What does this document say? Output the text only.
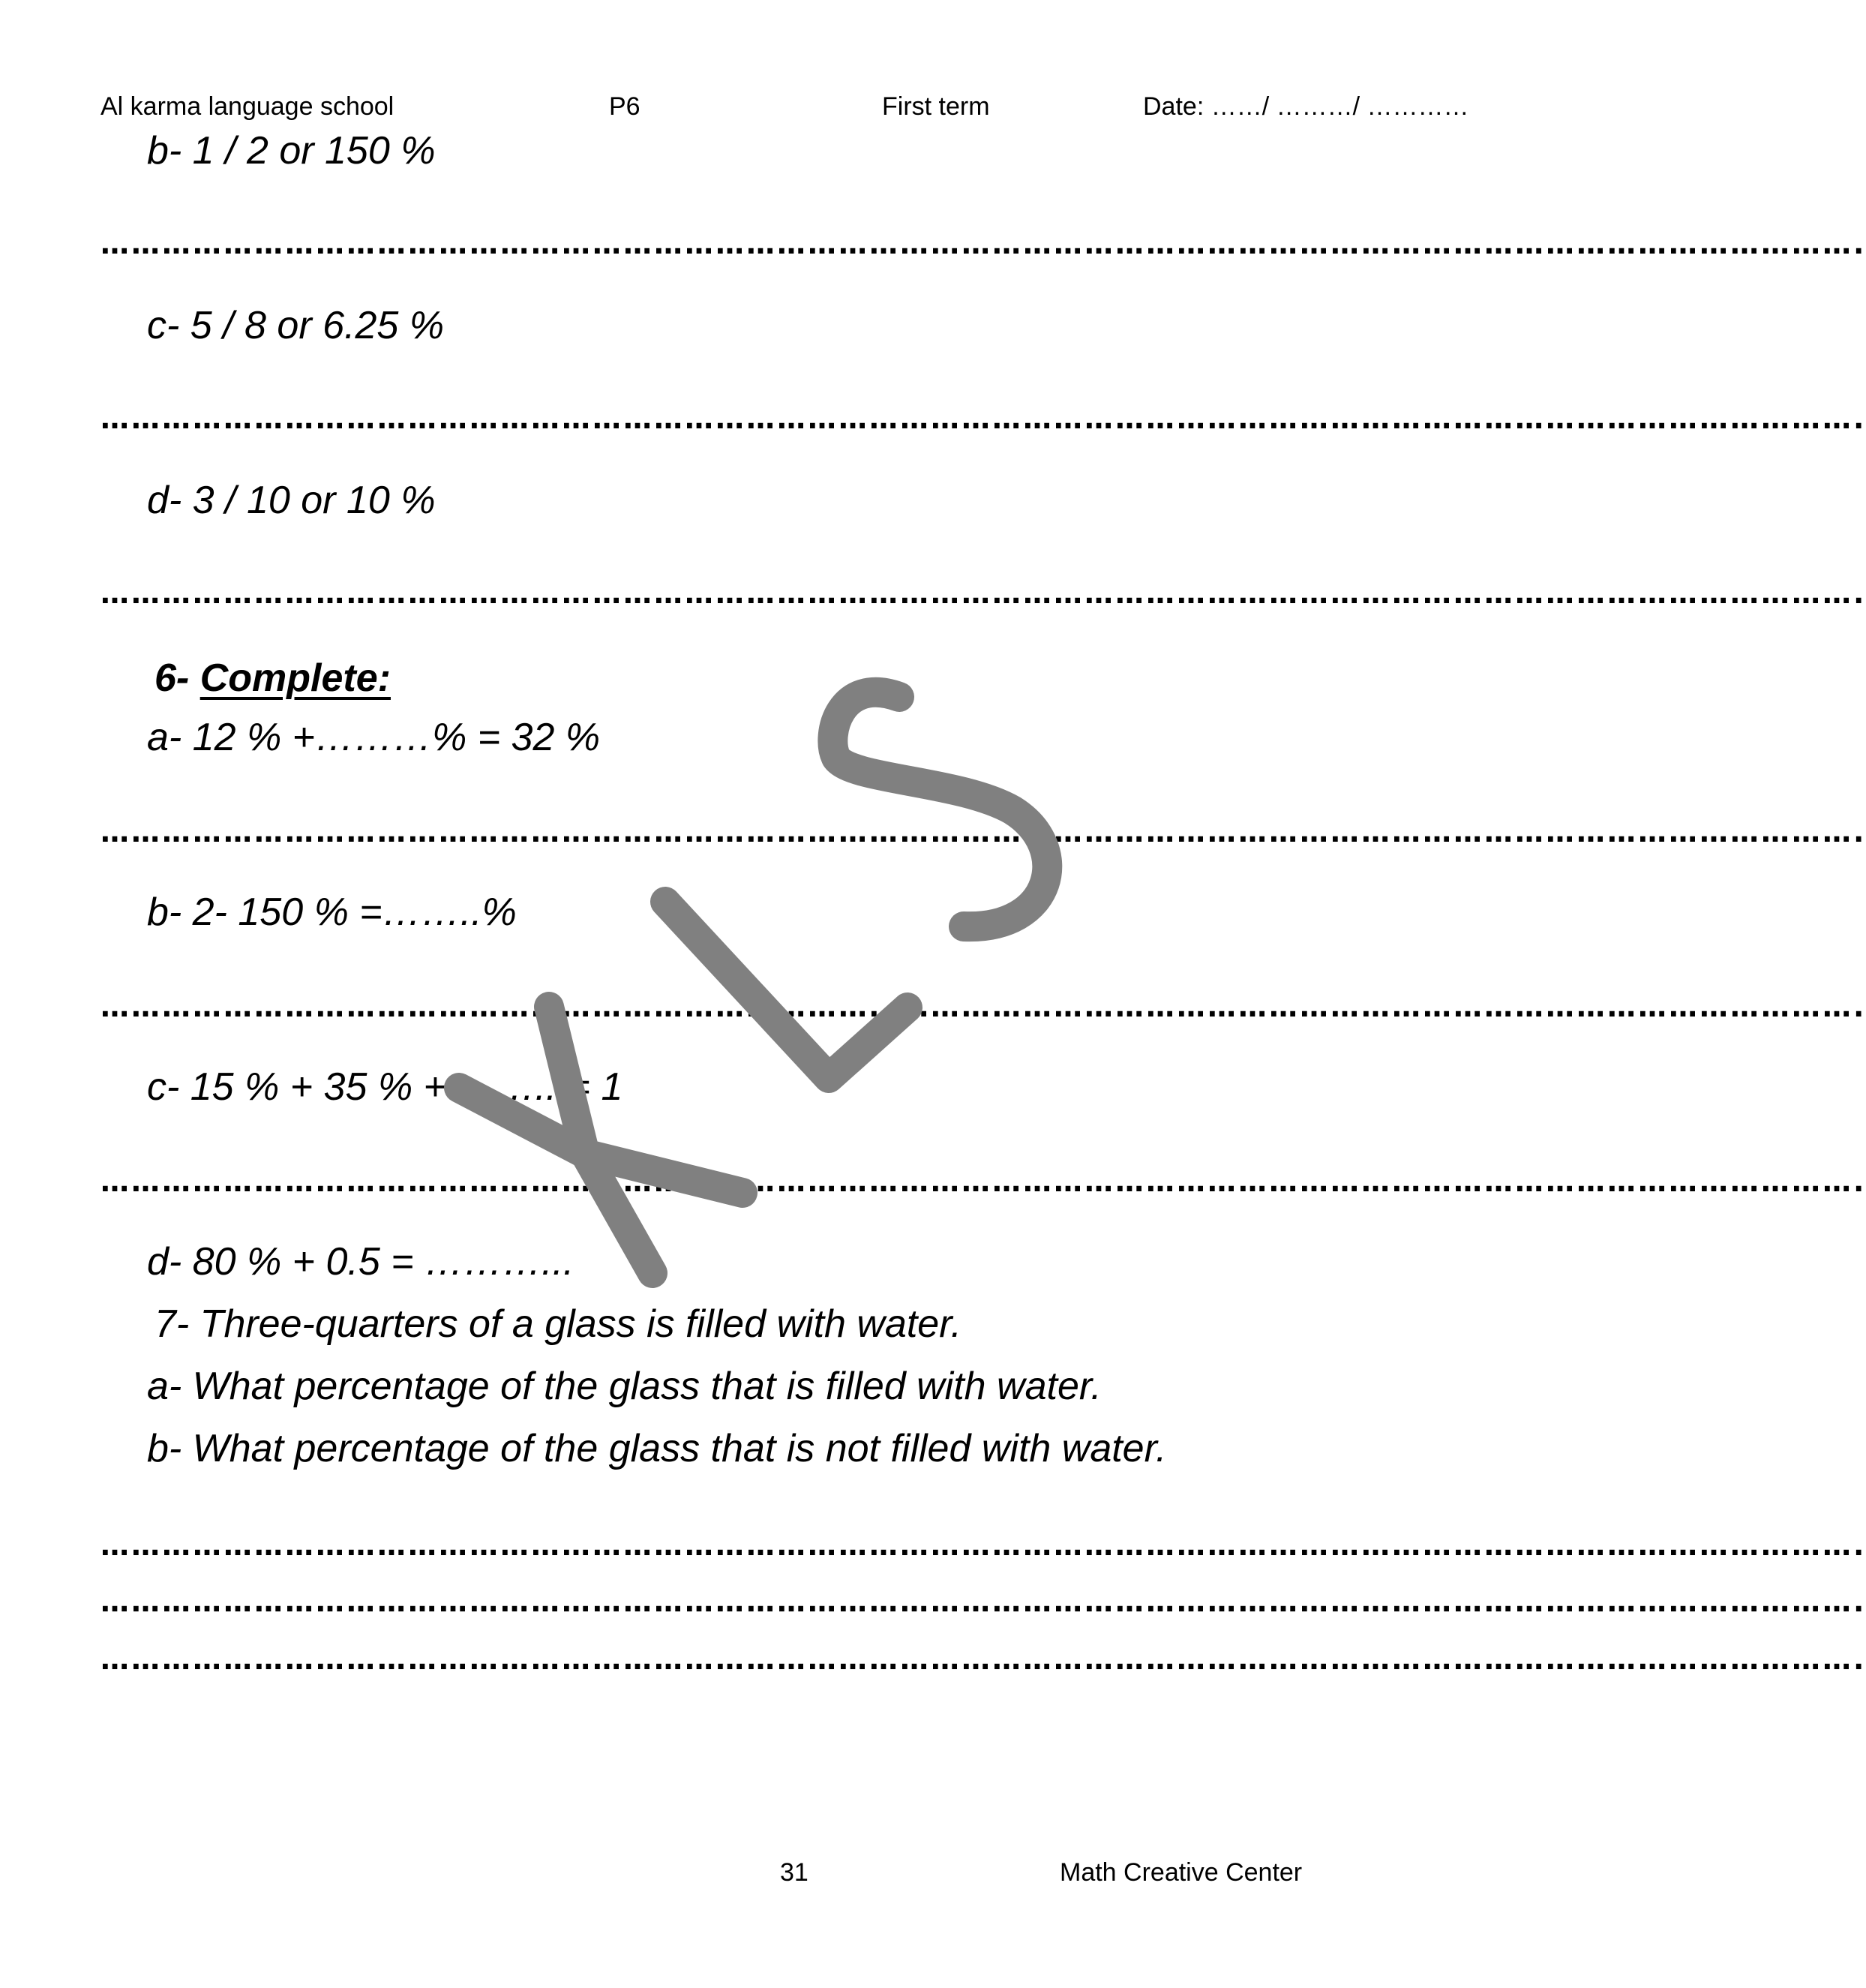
Al karma language school	P6	First term	Date: ……/ ………/ …………
b- 1 / 2 or 150 %
……………………………………………………………………………………………………………………………………………………….
c- 5 / 8 or 6.25 %
……………………………………………………………………………………………………………………………………………………….
d- 3 / 10 or 10 %
……………………………………………………………………………………………………………………………………………………….
6- Complete:
a- 12 % +………% = 32 %
……………………………………………………………………………………………………………………………………………………….
b- 2- 150 % =……..%
……………………………………………………………………………………………………………………………………………………….
c- 15 % + 35 % + …….. = 1
……………………………………………………………………………………………………………………………………………………….
d- 80 % + 0.5 = ………...
7- Three-quarters of a glass is filled with water.
a- What percentage of the glass that is filled with water.
b- What percentage of the glass that is not filled with water.
……………………………………………………………………………………………………………………………………………………….
……………………………………………………………………………………………………………………………………………………….
……………………………………………………………………………………………………………………………………………………….
31	Math Creative Center
